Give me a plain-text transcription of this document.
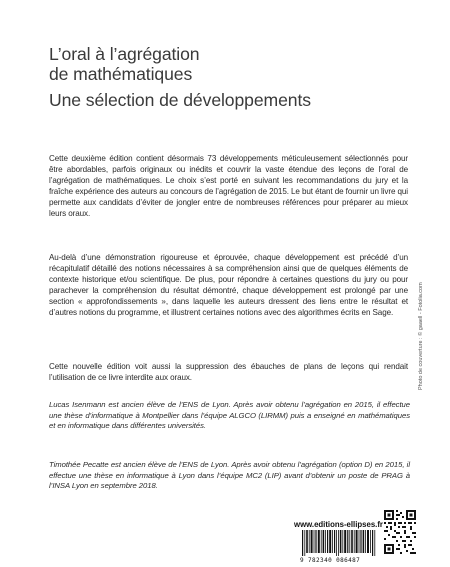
L’oral à l’agrégation
de mathématiques
Une sélection de développements
Cette deuxième édition contient désormais 73 développements méticuleusement sélectionnés pour être abordables, parfois originaux ou inédits et couvrir la vaste étendue des leçons de l’oral de l’agrégation de mathématiques. Le choix s’est porté en suivant les recommandations du jury et la fraîche expérience des auteurs au concours de l’agrégation de 2015. Le but étant de fournir un livre qui permette aux candidats d’éviter de jongler entre de nombreuses références pour préparer au mieux leurs oraux.
Au-delà d’une démonstration rigoureuse et éprouvée, chaque développement est précédé d’un récapitulatif détaillé des notions nécessaires à sa compréhension ainsi que de quelques éléments de contexte historique et/ou scientifique. De plus, pour répondre à certaines questions du jury ou pour parachever la compréhension du résultat démontré, chaque développement est prolongé par une section « approfondissements », dans laquelle les auteurs dressent des liens entre le résultat et d’autres notions du programme, et illustrent certaines notions avec des algorithmes écrits en Sage.
Cette nouvelle édition voit aussi la suppression des ébauches de plans de leçons qui rendait l’utilisation de ce livre interdite aux oraux.
Lucas Isenmann est ancien élève de l’ENS de Lyon. Après avoir obtenu l’agrégation en 2015, il effectue une thèse d’informatique à Montpellier dans l’équipe ALGCO (LIRMM) puis a enseigné en mathématiques et en informatique dans différentes universités.
Timothée Pecatte est ancien élève de l’ENS de Lyon. Après avoir obtenu l’agrégation (option D) en 2015, il effectue une thèse en informatique à Lyon dans l’équipe MC2 (LIP) avant d’obtenir un poste de PRAG à l’INSA Lyon en septembre 2018.
Photo de couverture : © gaaell - Fotolia.com
www.editions-ellipses.fr
9 782340 086487
